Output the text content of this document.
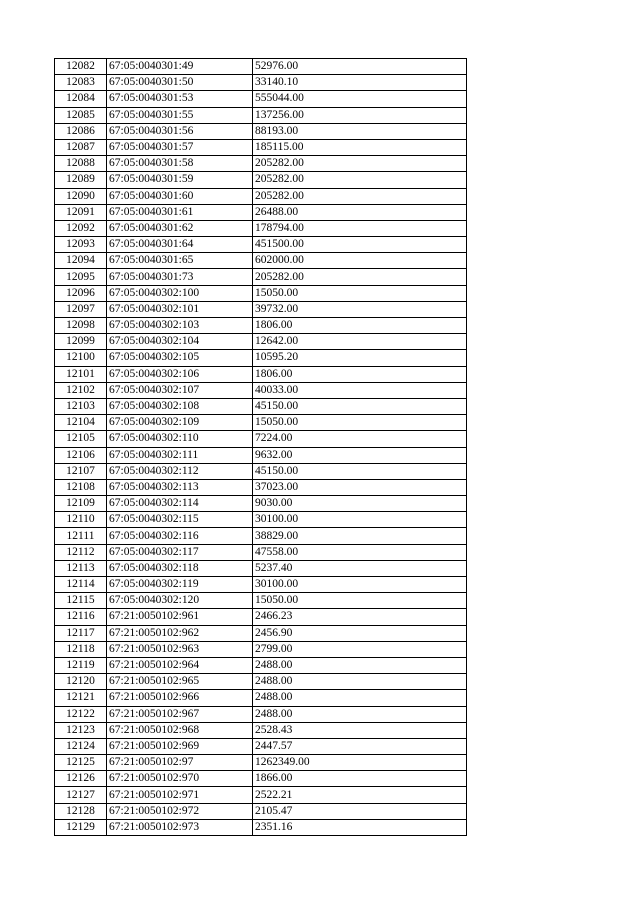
12082	67:05:0040301:49	52976.00
12083	67:05:0040301:50	33140.10
12084	67:05:0040301:53	555044.00
12085	67:05:0040301:55	137256.00
12086	67:05:0040301:56	88193.00
12087	67:05:0040301:57	185115.00
12088	67:05:0040301:58	205282.00
12089	67:05:0040301:59	205282.00
12090	67:05:0040301:60	205282.00
12091	67:05:0040301:61	26488.00
12092	67:05:0040301:62	178794.00
12093	67:05:0040301:64	451500.00
12094	67:05:0040301:65	602000.00
12095	67:05:0040301:73	205282.00
12096	67:05:0040302:100	15050.00
12097	67:05:0040302:101	39732.00
12098	67:05:0040302:103	1806.00
12099	67:05:0040302:104	12642.00
12100	67:05:0040302:105	10595.20
12101	67:05:0040302:106	1806.00
12102	67:05:0040302:107	40033.00
12103	67:05:0040302:108	45150.00
12104	67:05:0040302:109	15050.00
12105	67:05:0040302:110	7224.00
12106	67:05:0040302:111	9632.00
12107	67:05:0040302:112	45150.00
12108	67:05:0040302:113	37023.00
12109	67:05:0040302:114	9030.00
12110	67:05:0040302:115	30100.00
12111	67:05:0040302:116	38829.00
12112	67:05:0040302:117	47558.00
12113	67:05:0040302:118	5237.40
12114	67:05:0040302:119	30100.00
12115	67:05:0040302:120	15050.00
12116	67:21:0050102:961	2466.23
12117	67:21:0050102:962	2456.90
12118	67:21:0050102:963	2799.00
12119	67:21:0050102:964	2488.00
12120	67:21:0050102:965	2488.00
12121	67:21:0050102:966	2488.00
12122	67:21:0050102:967	2488.00
12123	67:21:0050102:968	2528.43
12124	67:21:0050102:969	2447.57
12125	67:21:0050102:97	1262349.00
12126	67:21:0050102:970	1866.00
12127	67:21:0050102:971	2522.21
12128	67:21:0050102:972	2105.47
12129	67:21:0050102:973	2351.16
